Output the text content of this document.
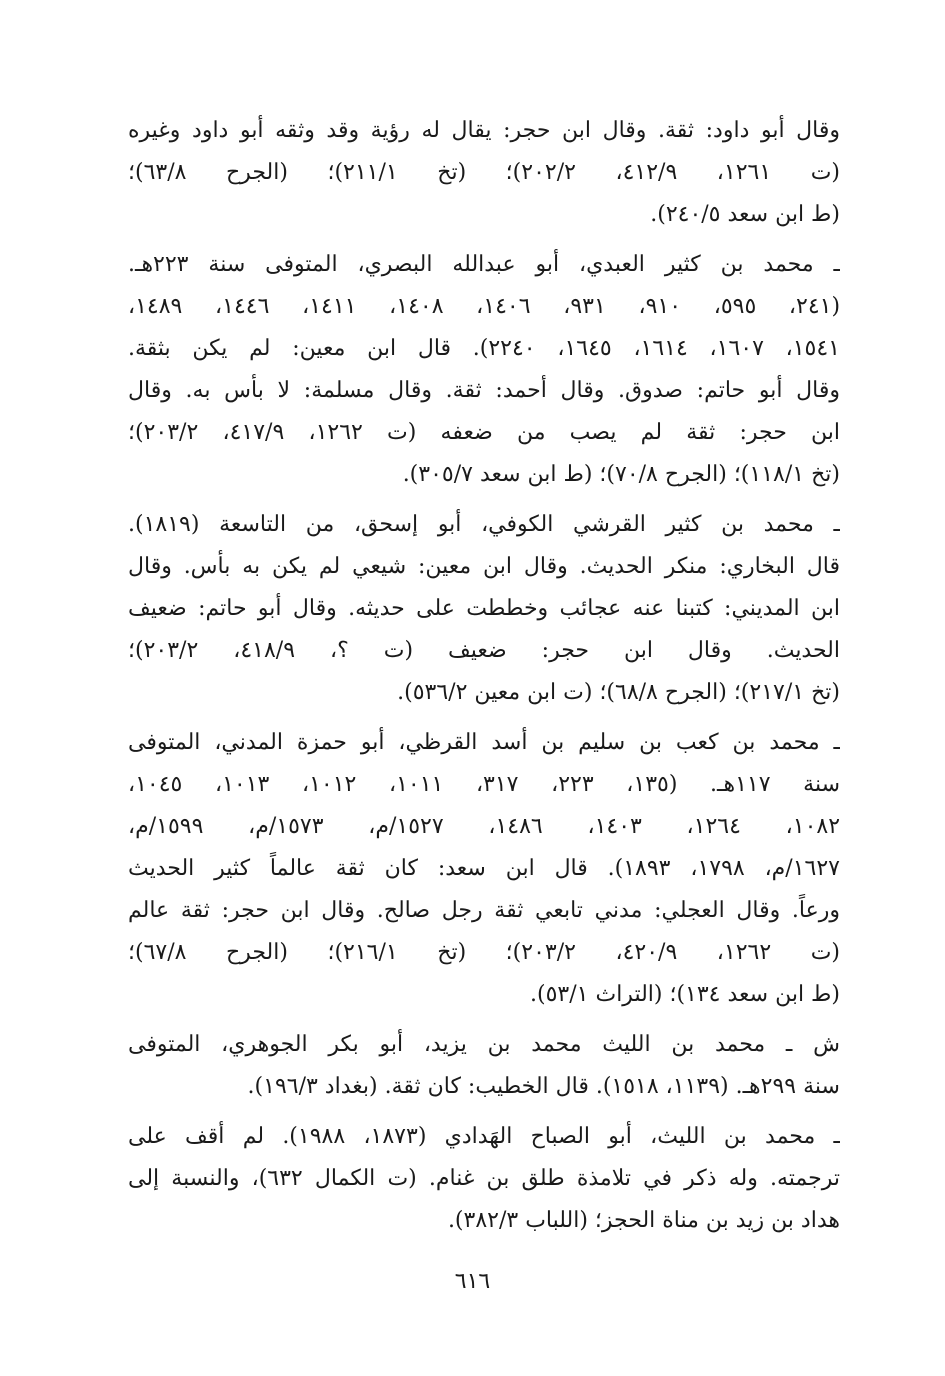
وقال أبو داود: ثقة. وقال ابن حجر: يقال له رؤية وقد وثقه أبو داود وغيره
(ت ١٢٦١، ٤١٢/٩، ٢٠٢/٢)؛ (تخ ٢١١/١)؛ (الجرح ٦٣/٨)؛
(ط ابن سعد ٢٤٠/٥).
ـ محمد بن كثير العبدي، أبو عبدالله البصري، المتوفى سنة ٢٢٣هـ.
(٢٤١، ٥٩٥، ٩١٠، ٩٣١، ١٤٠٦، ١٤٠٨، ١٤١١، ١٤٤٦، ١٤٨٩،
١٥٤١، ١٦٠٧، ١٦١٤، ١٦٤٥، ٢٢٤٠). قال ابن معين: لم يكن بثقة.
وقال أبو حاتم: صدوق. وقال أحمد: ثقة. وقال مسلمة: لا بأس به. وقال
ابن حجر: ثقة لم يصب من ضعفه (ت ١٢٦٢، ٤١٧/٩، ٢٠٣/٢)؛
(تخ ١١٨/١)؛ (الجرح ٧٠/٨)؛ (ط ابن سعد ٣٠٥/٧).
ـ محمد بن كثير القرشي الكوفي، أبو إسحق، من التاسعة (١٨١٩).
قال البخاري: منكر الحديث. وقال ابن معين: شيعي لم يكن به بأس. وقال
ابن المديني: كتبنا عنه عجائب وخططت على حديثه. وقال أبو حاتم: ضعيف
الحديث. وقال ابن حجر: ضعيف (ت ؟، ٤١٨/٩، ٢٠٣/٢)؛
(تخ ٢١٧/١)؛ (الجرح ٦٨/٨)؛ (ت ابن معين ٥٣٦/٢).
ـ محمد بن كعب بن سليم بن أسد القرظي، أبو حمزة المدني، المتوفى
سنة ١١٧هـ. (١٣٥، ٢٢٣، ٣١٧، ١٠١١، ١٠١٢، ١٠١٣، ١٠٤٥،
١٠٨٢، ١٢٦٤، ١٤٠٣، ١٤٨٦، ١٥٢٧/م، ١٥٧٣/م، ١٥٩٩/م،
١٦٢٧/م، ١٧٩٨، ١٨٩٣). قال ابن سعد: كان ثقة عالماً كثير الحديث
ورعاً. وقال العجلي: مدني تابعي ثقة رجل صالح. وقال ابن حجر: ثقة عالم
(ت ١٢٦٢، ٤٢٠/٩، ٢٠٣/٢)؛ (تخ ٢١٦/١)؛ (الجرح ٦٧/٨)؛
(ط ابن سعد ١٣٤)؛ (التراث ٥٣/١).
ش ـ محمد بن الليث محمد بن يزيد، أبو بكر الجوهري، المتوفى
سنة ٢٩٩هـ. (١١٣٩، ١٥١٨). قال الخطيب: كان ثقة. (بغداد ١٩٦/٣).
ـ محمد بن الليث، أبو الصباح الهَدادي (١٨٧٣، ١٩٨٨). لم أقف على
ترجمته. وله ذكر في تلامذة طلق بن غنام. (ت الكمال ٦٣٢)، والنسبة إلى
هداد بن زيد بن مناة الحجز؛ (اللباب ٣٨٢/٣).
٦١٦
